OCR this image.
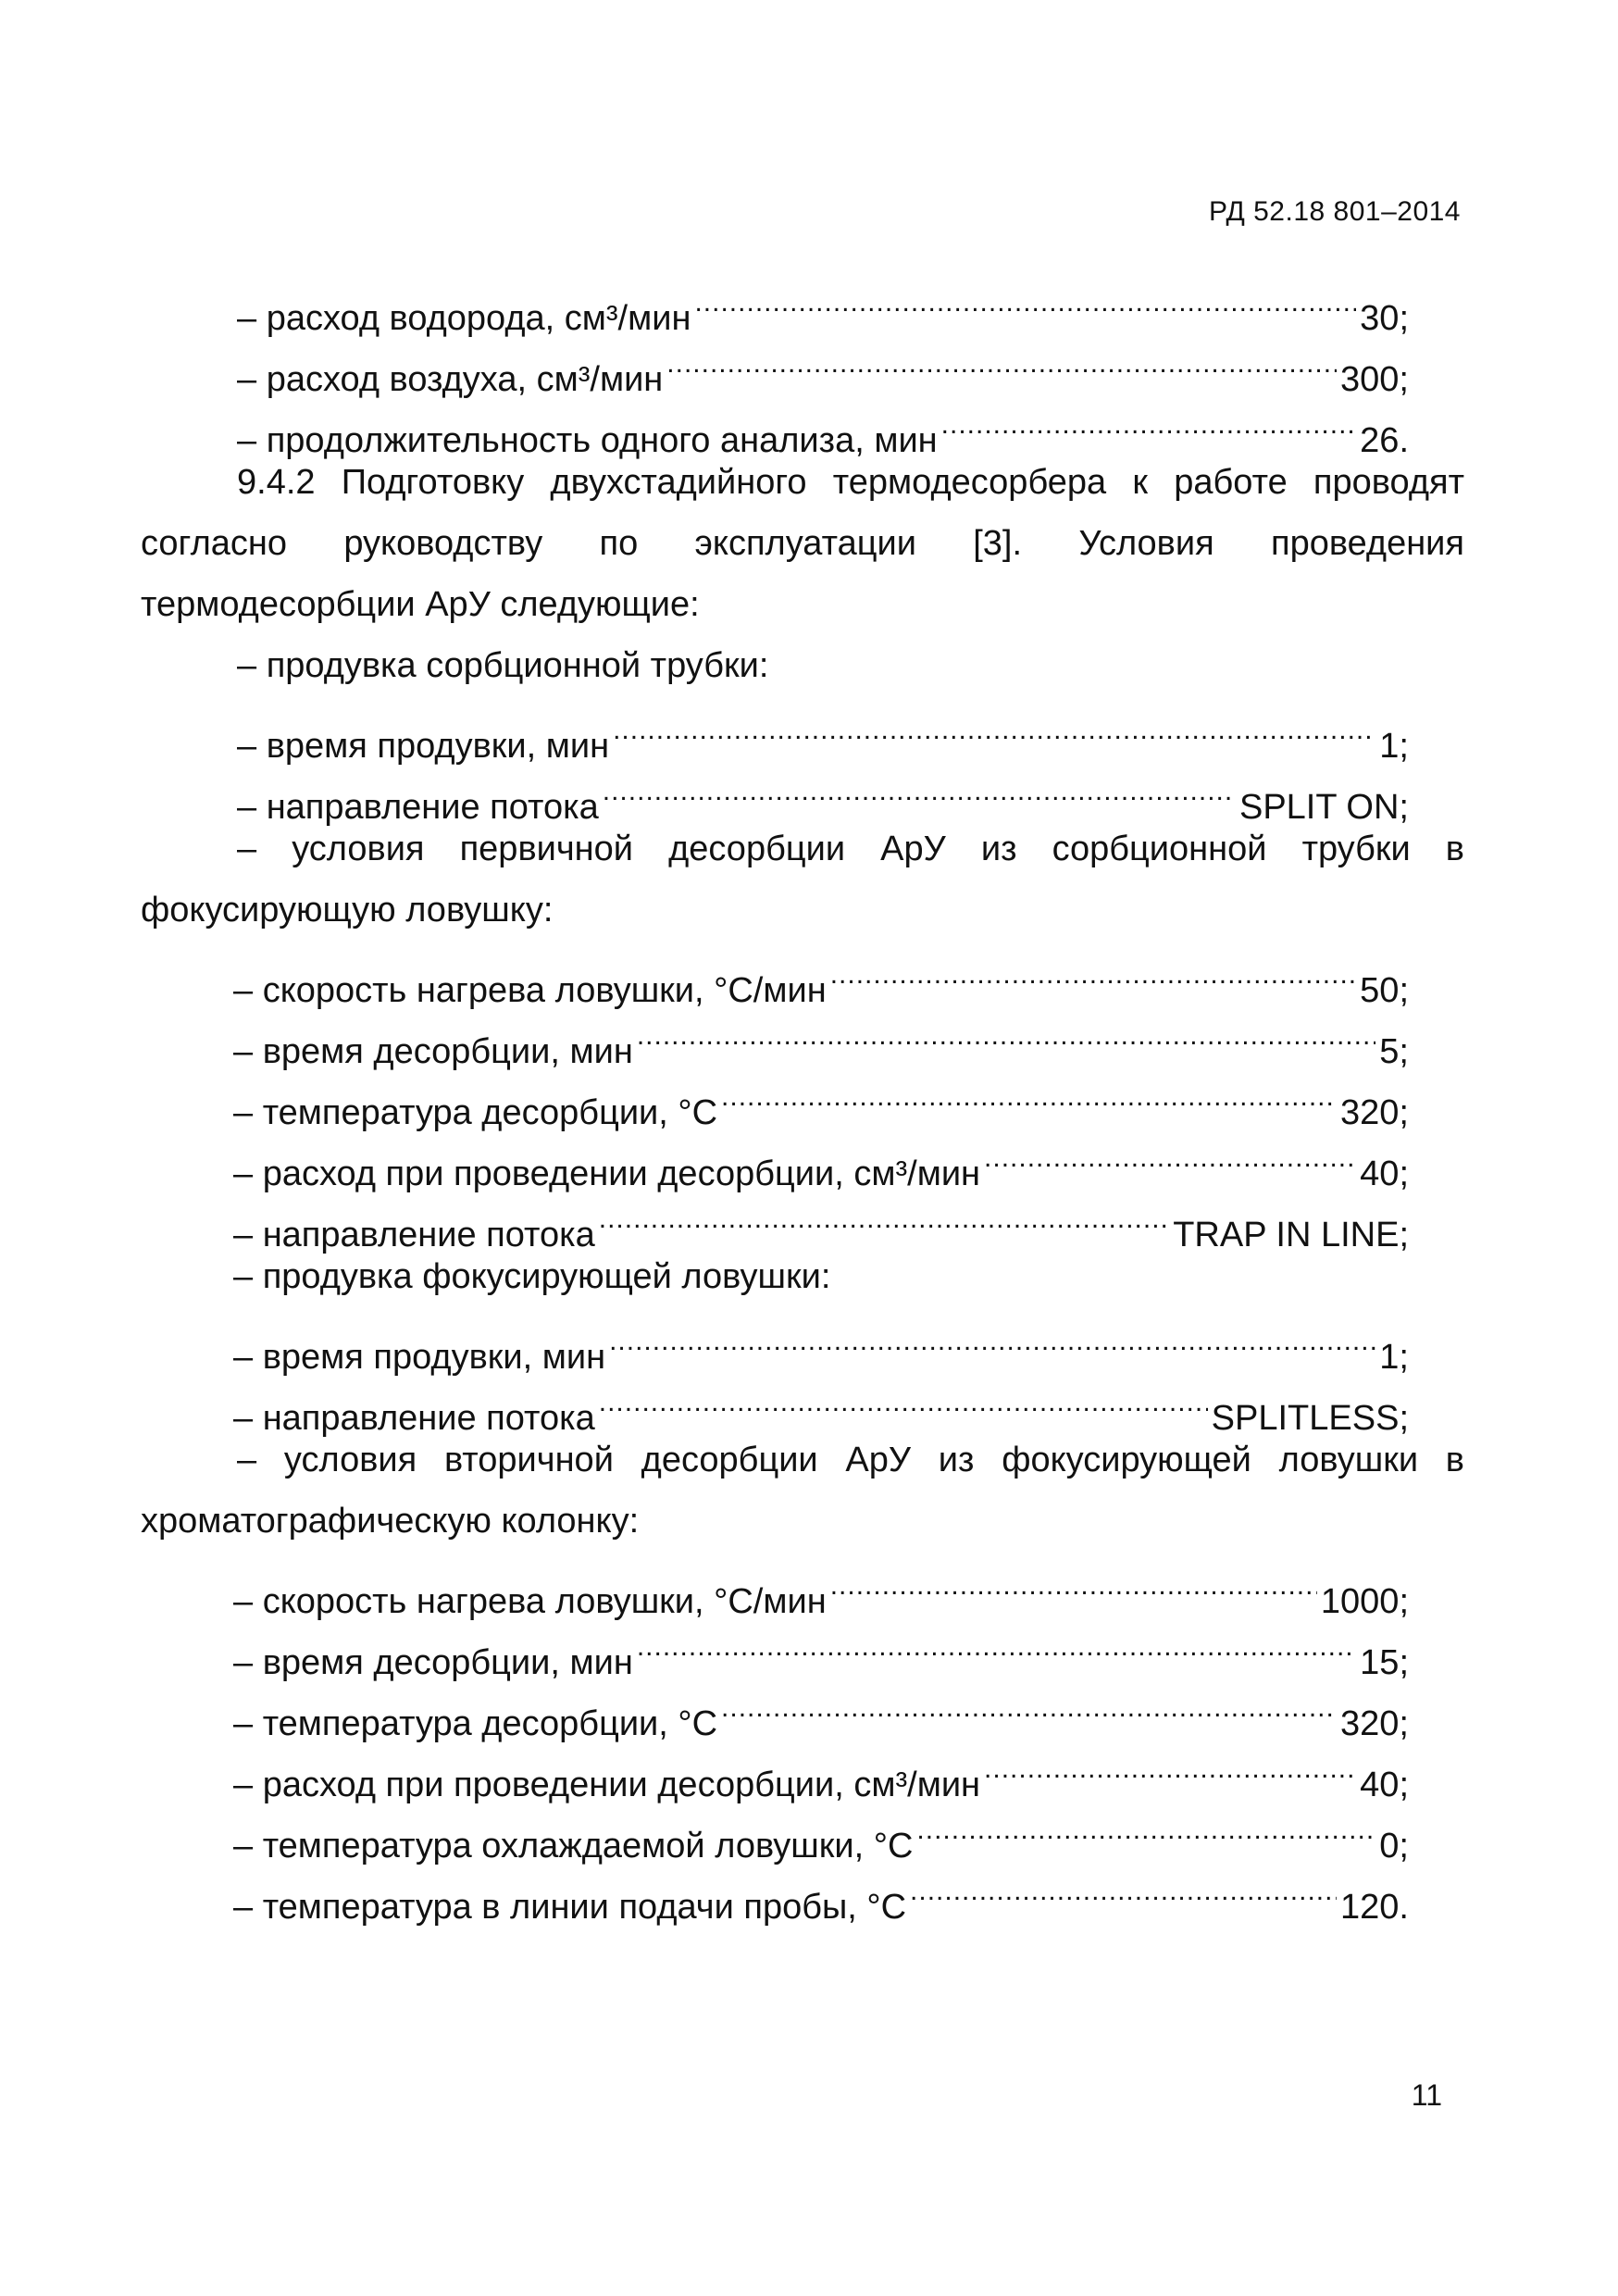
РД 52.18 801–2014
– расход водорода, см³/мин .....	30;
– расход воздуха, см³/мин .....	300;
– продолжительность одного анализа, мин .....	26.

9.4.2 Подготовку двухстадийного термодесорбера к работе проводят согласно руководству по эксплуатации [3]. Условия проведения термодесорбции АрУ следующие:

– продувка сорбционной трубки:

– время продувки, мин .....	1;
– направление потока .....	SPLIT ON;

– условия первичной десорбции АрУ из сорбционной трубки в фокусирующую ловушку:

– скорость нагрева ловушки, °С/мин .....	50;
– время десорбции, мин .....	5;
– температура десорбции, °С .....	320;
– расход при проведении десорбции, см³/мин .....	40;
– направление потока .....	TRAP IN LINE;

– продувка фокусирующей ловушки:

– время продувки, мин .....	1;
– направление потока .....	SPLITLESS;

– условия вторичной десорбции АрУ из фокусирующей ловушки в хроматографическую колонку:

– скорость нагрева ловушки, °С/мин .....	1000;
– время десорбции, мин .....	15;
– температура десорбции, °С .....	320;
– расход при проведении десорбции, см³/мин .....	40;
– температура охлаждаемой ловушки, °С .....	0;
– температура в линии подачи пробы, °С .....	120.
11
